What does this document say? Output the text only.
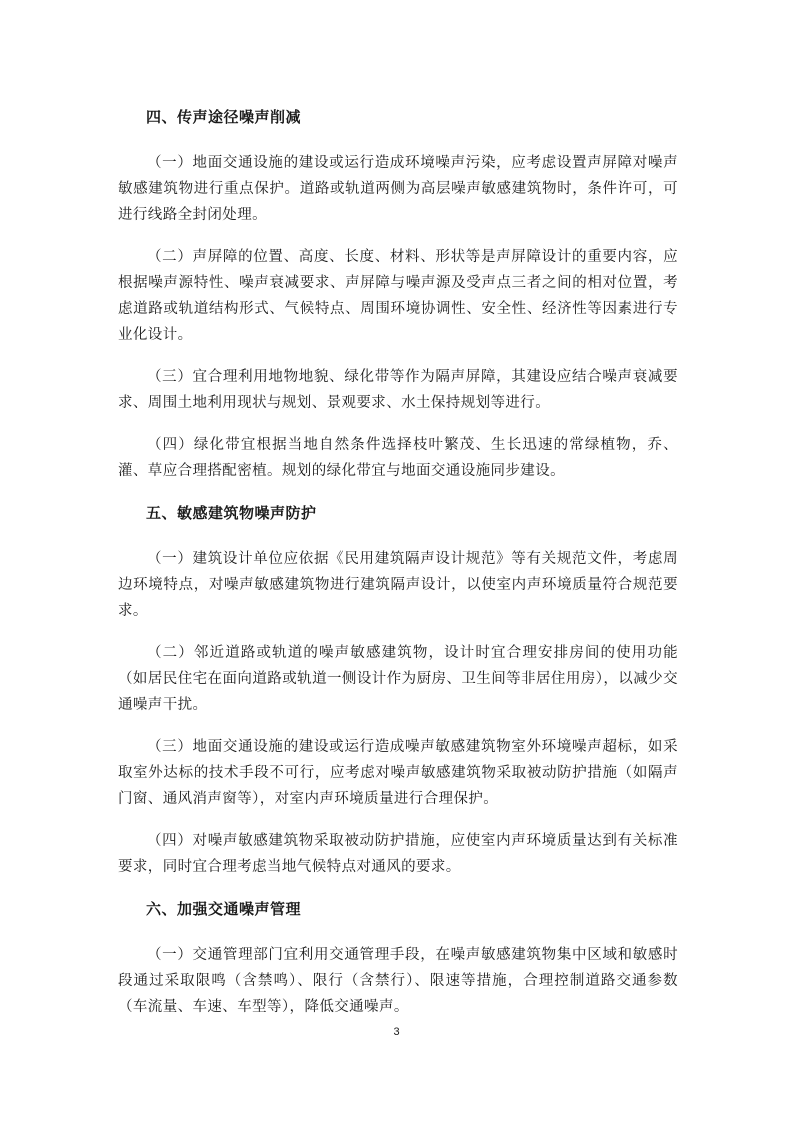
四、传声途径噪声削减

（一）地面交通设施的建设或运行造成环境噪声污染，应考虑设置声屏障对噪声敏感建筑物进行重点保护。道路或轨道两侧为高层噪声敏感建筑物时，条件许可，可进行线路全封闭处理。

（二）声屏障的位置、高度、长度、材料、形状等是声屏障设计的重要内容，应根据噪声源特性、噪声衰减要求、声屏障与噪声源及受声点三者之间的相对位置，考虑道路或轨道结构形式、气候特点、周围环境协调性、安全性、经济性等因素进行专业化设计。

（三）宜合理利用地物地貌、绿化带等作为隔声屏障，其建设应结合噪声衰减要求、周围土地利用现状与规划、景观要求、水土保持规划等进行。

（四）绿化带宜根据当地自然条件选择枝叶繁茂、生长迅速的常绿植物，乔、灌、草应合理搭配密植。规划的绿化带宜与地面交通设施同步建设。

五、敏感建筑物噪声防护

（一）建筑设计单位应依据《民用建筑隔声设计规范》等有关规范文件，考虑周边环境特点，对噪声敏感建筑物进行建筑隔声设计，以使室内声环境质量符合规范要求。

（二）邻近道路或轨道的噪声敏感建筑物，设计时宜合理安排房间的使用功能（如居民住宅在面向道路或轨道一侧设计作为厨房、卫生间等非居住用房），以减少交通噪声干扰。

（三）地面交通设施的建设或运行造成噪声敏感建筑物室外环境噪声超标，如采取室外达标的技术手段不可行，应考虑对噪声敏感建筑物采取被动防护措施（如隔声门窗、通风消声窗等），对室内声环境质量进行合理保护。

（四）对噪声敏感建筑物采取被动防护措施，应使室内声环境质量达到有关标准要求，同时宜合理考虑当地气候特点对通风的要求。

六、加强交通噪声管理

（一）交通管理部门宜利用交通管理手段，在噪声敏感建筑物集中区域和敏感时段通过采取限鸣（含禁鸣）、限行（含禁行）、限速等措施，合理控制道路交通参数（车流量、车速、车型等），降低交通噪声。

3
